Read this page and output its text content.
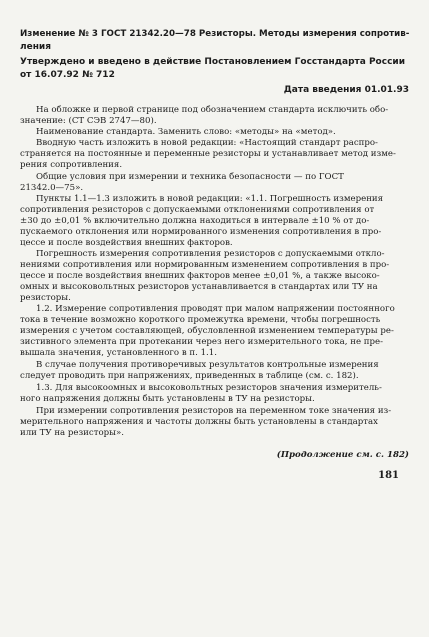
Изменение № 3 ГОСТ 21342.20—78 Резисторы. Методы измерения сопротив-
ления
Утверждено и введено в действие Постановлением Госстандарта России
от 16.07.92 № 712
Дата введения 01.01.93
На обложке и первой странице под обозначением стандарта исключить обо-
значение: (СТ СЭВ 2747—80).
Наименование стандарта. Заменить слово: «методы» на «метод».
Вводную часть изложить в новой редакции: «Настоящий стандарт распро-
страняется на постоянные и переменные резисторы и устанавливает метод изме-
рения сопротивления.
Общие условия при измерении и техника безопасности — по ГОСТ
21342.0—75».
Пункты 1.1—1.3 изложить в новой редакции: «1.1. Погрешность измерения
сопротивления резисторов с допускаемыми отклонениями сопротивления от
±30 до ±0,01 % включительно должна находиться в интервале ±10 % от до-
пускаемого отклонения или нормированного изменения сопротивления в про-
цессе и после воздействия внешних факторов.
Погрешность измерения сопротивления резисторов с допускаемыми откло-
нениями сопротивления или нормированным изменением сопротивления в про-
цессе и после воздействия внешних факторов менее ±0,01 %, а также высоко-
омных и высоковольтных резисторов устанавливается в стандартах или ТУ на
резисторы.
1.2. Измерение сопротивления проводят при малом напряжении постоянного
тока в течение возможно короткого промежутка времени, чтобы погрешность
измерения с учетом составляющей, обусловленной изменением температуры ре-
зистивного элемента при протекании через него измерительного тока, не пре-
вышала значения, установленного в п. 1.1.
В случае получения противоречивых результатов контрольные измерения
следует проводить при напряжениях, приведенных в таблице (см. с. 182).
1.3. Для высокоомных и высоковольтных резисторов значения измеритель-
ного напряжения должны быть установлены в ТУ на резисторы.
При измерении сопротивления резисторов на переменном токе значения из-
мерительного напряжения и частоты должны быть установлены в стандартах
или ТУ на резисторы».
(Продолжение см. с. 182)
181
